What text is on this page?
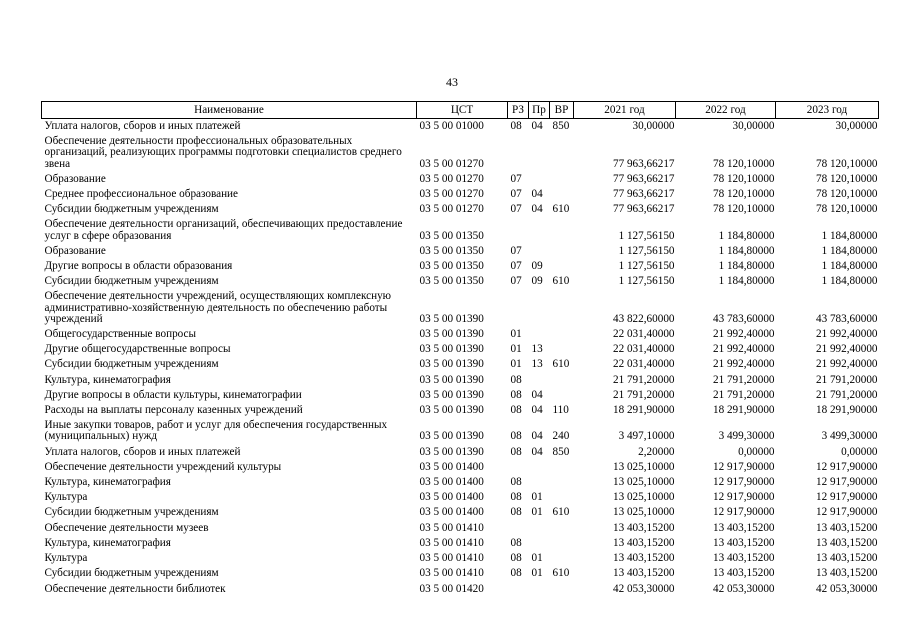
43
Наименование	ЦСТ	РЗ	Пр	ВР	2021 год	2022 год	2023 год
Уплата налогов, сборов и иных платежей	03 5 00 01000	08	04	850	30,00000	30,00000	30,00000
Обеспечение деятельности профессиональных образовательных организаций, реализующих программы подготовки специалистов среднего звена	03 5 00 01270				77 963,66217	78 120,10000	78 120,10000
Образование	03 5 00 01270	07			77 963,66217	78 120,10000	78 120,10000
Среднее профессиональное образование	03 5 00 01270	07	04		77 963,66217	78 120,10000	78 120,10000
Субсидии бюджетным учреждениям	03 5 00 01270	07	04	610	77 963,66217	78 120,10000	78 120,10000
Обеспечение деятельности организаций, обеспечивающих предоставление услуг в сфере образования	03 5 00 01350				1 127,56150	1 184,80000	1 184,80000
Образование	03 5 00 01350	07			1 127,56150	1 184,80000	1 184,80000
Другие вопросы в области образования	03 5 00 01350	07	09		1 127,56150	1 184,80000	1 184,80000
Субсидии бюджетным учреждениям	03 5 00 01350	07	09	610	1 127,56150	1 184,80000	1 184,80000
Обеспечение деятельности учреждений, осуществляющих комплексную административно-хозяйственную деятельность по обеспечению работы учреждений	03 5 00 01390				43 822,60000	43 783,60000	43 783,60000
Общегосударственные вопросы	03 5 00 01390	01			22 031,40000	21 992,40000	21 992,40000
Другие общегосударственные вопросы	03 5 00 01390	01	13		22 031,40000	21 992,40000	21 992,40000
Субсидии бюджетным учреждениям	03 5 00 01390	01	13	610	22 031,40000	21 992,40000	21 992,40000
Культура, кинематография	03 5 00 01390	08			21 791,20000	21 791,20000	21 791,20000
Другие вопросы в области культуры, кинематографии	03 5 00 01390	08	04		21 791,20000	21 791,20000	21 791,20000
Расходы на выплаты персоналу казенных учреждений	03 5 00 01390	08	04	110	18 291,90000	18 291,90000	18 291,90000
Иные закупки товаров, работ и услуг для обеспечения государственных (муниципальных) нужд	03 5 00 01390	08	04	240	3 497,10000	3 499,30000	3 499,30000
Уплата налогов, сборов и иных платежей	03 5 00 01390	08	04	850	2,20000	0,00000	0,00000
Обеспечение деятельности учреждений культуры	03 5 00 01400				13 025,10000	12 917,90000	12 917,90000
Культура, кинематография	03 5 00 01400	08			13 025,10000	12 917,90000	12 917,90000
Культура	03 5 00 01400	08	01		13 025,10000	12 917,90000	12 917,90000
Субсидии бюджетным учреждениям	03 5 00 01400	08	01	610	13 025,10000	12 917,90000	12 917,90000
Обеспечение деятельности музеев	03 5 00 01410				13 403,15200	13 403,15200	13 403,15200
Культура, кинематография	03 5 00 01410	08			13 403,15200	13 403,15200	13 403,15200
Культура	03 5 00 01410	08	01		13 403,15200	13 403,15200	13 403,15200
Субсидии бюджетным учреждениям	03 5 00 01410	08	01	610	13 403,15200	13 403,15200	13 403,15200
Обеспечение деятельности библиотек	03 5 00 01420				42 053,30000	42 053,30000	42 053,30000
